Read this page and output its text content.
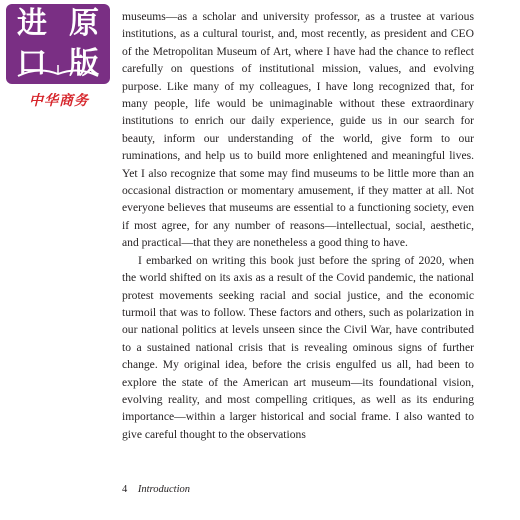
进 原
口 版
中华商务

museums—as a scholar and university professor, as a trustee at various institutions, as a cultural tourist, and, most recently, as president and CEO of the Metropolitan Museum of Art, where I have had the chance to reflect carefully on questions of institutional mission, values, and evolving purpose. Like many of my colleagues, I have long recognized that, for many people, life would be unimaginable without these extraordinary institutions to enrich our daily experience, guide us in our search for beauty, inform our understanding of the world, give form to our ruminations, and help us to build more enlightened and meaningful lives. Yet I also recognize that some may find museums to be little more than an occasional distraction or momentary amusement, if they matter at all. Not everyone believes that museums are essential to a functioning society, even if most agree, for any number of reasons—intellectual, social, aesthetic, and practical—that they are nonetheless a good thing to have.

I embarked on writing this book just before the spring of 2020, when the world shifted on its axis as a result of the Covid pandemic, the national protest movements seeking racial and social justice, and the economic turmoil that was to follow. These factors and others, such as polarization in our national politics at levels unseen since the Civil War, have contributed to a sustained national crisis that is revealing ominous signs of further change. My original idea, before the crisis engulfed us all, had been to explore the state of the American art museum—its foundational vision, evolving reality, and most compelling critiques, as well as its enduring importance—within a larger historical and social frame. I also wanted to give careful thought to the observations

4 Introduction
